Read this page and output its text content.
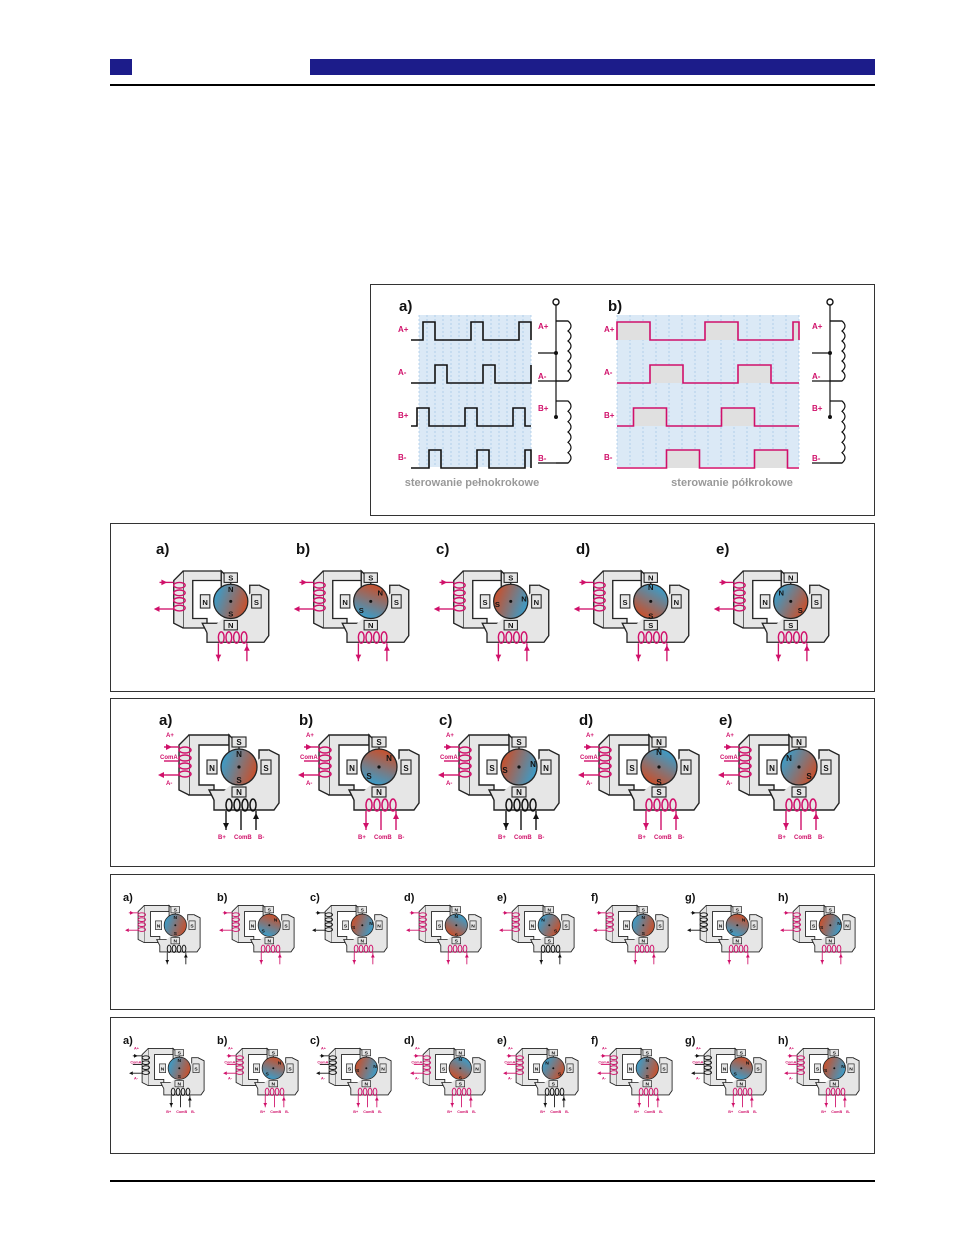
a)	b)
A+	A+
A-	A-
B+	B+
B-	B-
A+
A-
B+
B-
A+
A-
B+
B-
sterowanie pełnokrokowe	sterowanie półkrokowe
a)
N	S
S
N
N
S
b)
N	S
S
N
N
S
c)
S	N
S
N
N
S
d)
S	N
N
S
N
S
e)
N	S
N
S
N
S
a)
N	S
S
N
N
S
A+
ComA
A-
B+ ComB B-
b)
N	S
S
N
N
S
A+
ComA
A-
B+ ComB B-
c)
S	N
S
N
N
S
A+
ComA
A-
B+ ComB B-
d)
S	N
N
S
N
S
A+
ComA
A-
B+ ComB B-
e)
N	S
N
S
N
S
A+
ComA
A-
B+ ComB B-
a)
N	S
S
N
N
S
b)
N	S
S
N
N
S
c)
S	N
S
N
N
S
d)
S	N
N
S
N
S
e)
N	S
N
S
N
S
f)
N	S
S
N
N
S
g)
N	S
S
N
N
S
h)
S	N
S
N
N
S
a)
N	S
S
N
N
S
A+
ComA
A-
B+ ComB B-
b)
N	S
S
N
N
S
A+
ComA
A-
B+ ComB B-
c)
S	N
S
N
N
S
A+
ComA
A-
B+ ComB B-
d)
S	N
N
S
N
S
A+
ComA
A-
B+ ComB B-
e)
N	S
N
S
N
S
A+
ComA
A-
B+ ComB B-
f)
N	S
S
N
N
S
A+
ComA
A-
B+ ComB B-
g)
N	S
S
N
N
S
A+
ComA
A-
B+ ComB B-
h)
S	N
S
N
N
S
A+
ComA
A-
B+ ComB B-
